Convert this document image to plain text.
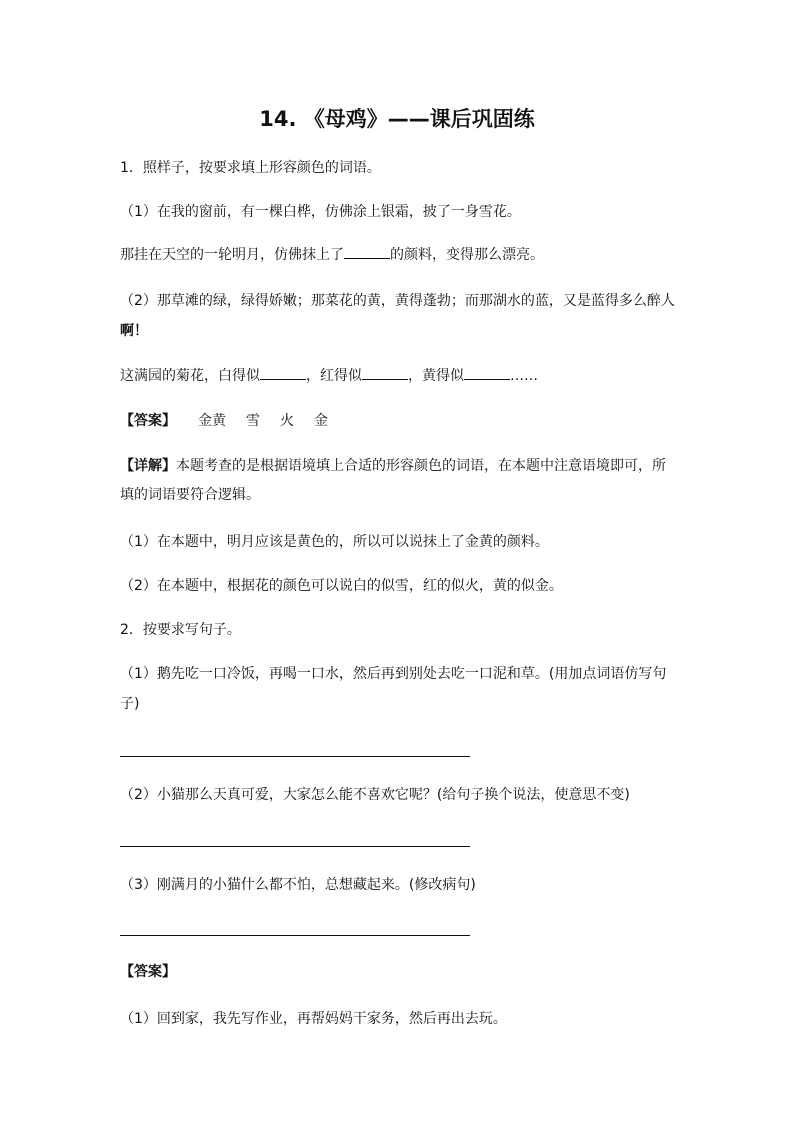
14. 《母鸡》——课后巩固练
1．照样子，按要求填上形容颜色的词语。
（1）在我的窗前，有一棵白桦，仿佛涂上银霜，披了一身雪花。
那挂在天空的一轮明月，仿佛抹上了	的颜料，变得那么漂亮。
（2）那草滩的绿，绿得娇嫩；那菜花的黄，黄得蓬勃；而那湖水的蓝，又是蓝得多么醉人
啊！
这满园的菊花，白得似	，红得似	，黄得似	……
【答案】 金黄 雪 火 金
【详解】本题考查的是根据语境填上合适的形容颜色的词语，在本题中注意语境即可，所
填的词语要符合逻辑。
（1）在本题中，明月应该是黄色的，所以可以说抹上了金黄的颜料。
（2）在本题中，根据花的颜色可以说白的似雪，红的似火，黄的似金。
2．按要求写句子。
（1）鹅先吃一口冷饭，再喝一口水，然后再到别处去吃一口泥和草。(用加点词语仿写句
子)
（2）小猫那么天真可爱，大家怎么能不喜欢它呢？(给句子换个说法，使意思不变)
（3）刚满月的小猫什么都不怕，总想藏起来。(修改病句)
【答案】
（1）回到家，我先写作业，再帮妈妈干家务，然后再出去玩。
